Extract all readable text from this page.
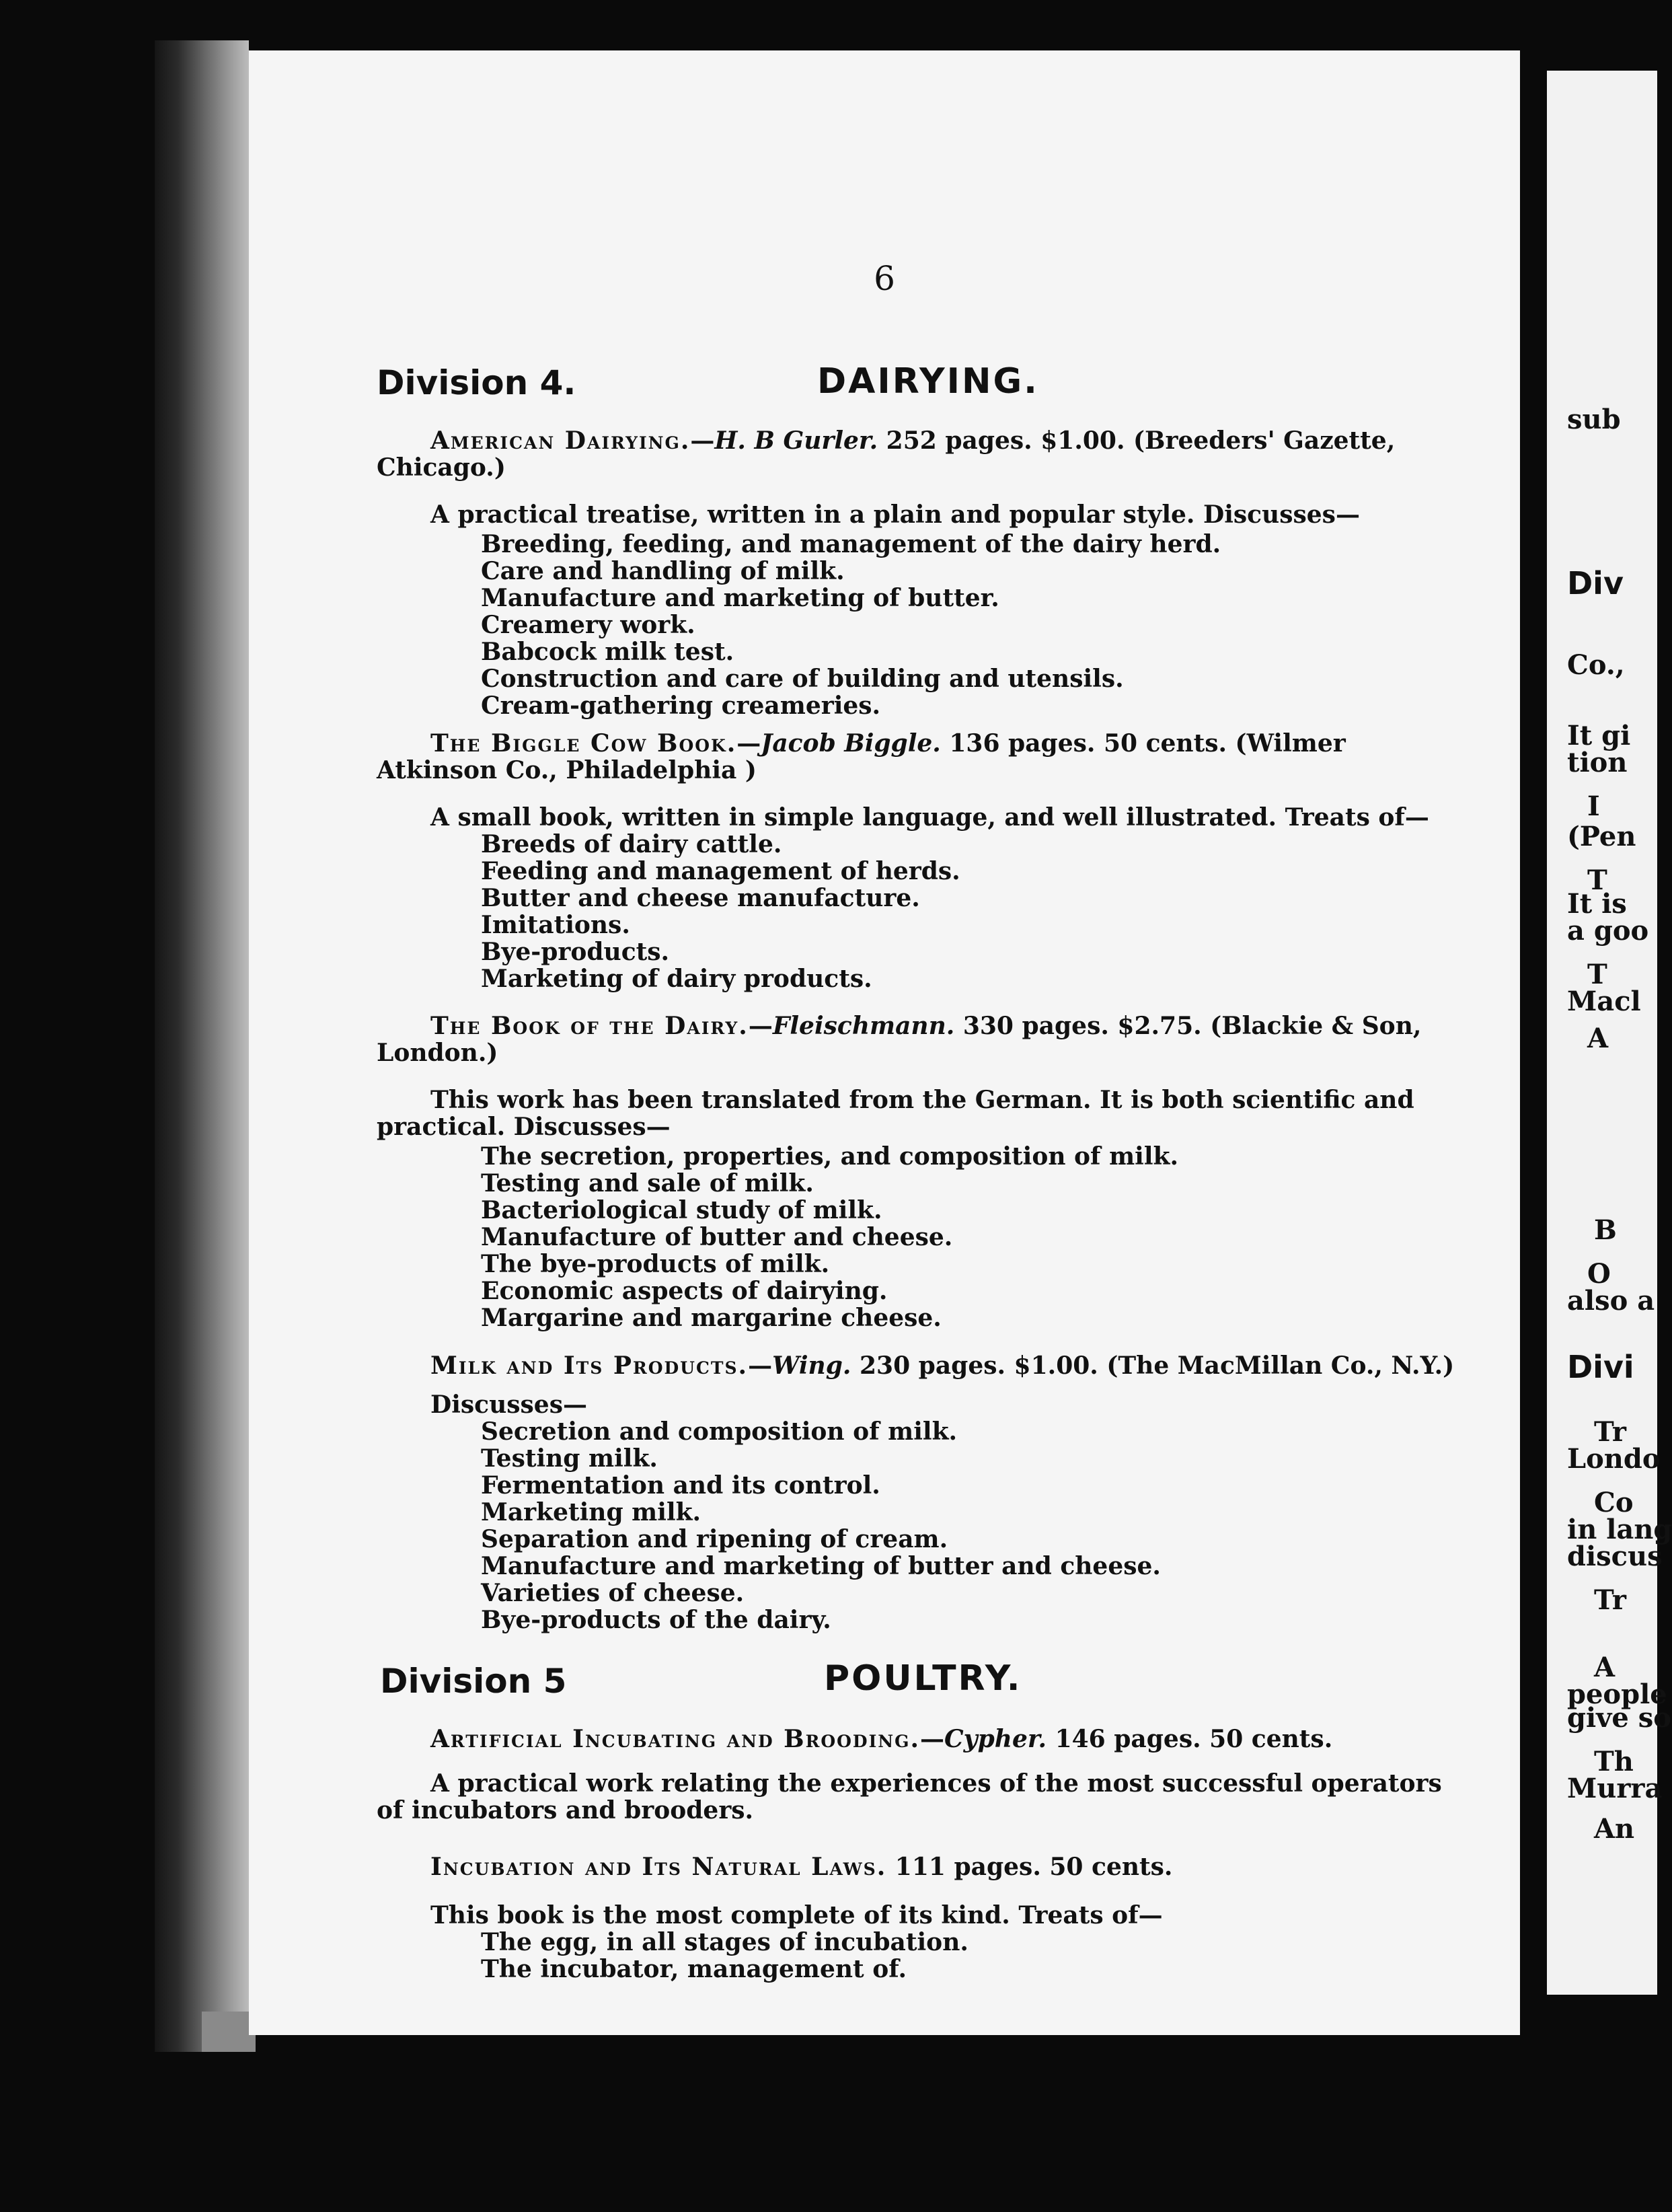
6
Division 4.	DAIRYING.

American Dairying.—H. B Gurler. 252 pages. $1.00. (Breeders' Gazette, Chicago.)

A practical treatise, written in a plain and popular style. Discusses—

Breeding, feeding, and management of the dairy herd.
Care and handling of milk.
Manufacture and marketing of butter.
Creamery work.
Babcock milk test.
Construction and care of building and utensils.
Cream-gathering creameries.

The Biggle Cow Book.—Jacob Biggle. 136 pages. 50 cents. (Wilmer Atkinson Co., Philadelphia )

A small book, written in simple language, and well illustrated. Treats of—

Breeds of dairy cattle.
Feeding and management of herds.
Butter and cheese manufacture.
Imitations.
Bye-products.
Marketing of dairy products.

The Book of the Dairy.—Fleischmann. 330 pages. $2.75. (Blackie & Son, London.)

This work has been translated from the German. It is both scientific and practical. Discusses—

The secretion, properties, and composition of milk.
Testing and sale of milk.
Bacteriological study of milk.
Manufacture of butter and cheese.
The bye-products of milk.
Economic aspects of dairying.
Margarine and margarine cheese.

Milk and Its Products.—Wing. 230 pages. $1.00. (The MacMillan Co., N.Y.)

Discusses—

Secretion and composition of milk.
Testing milk.
Fermentation and its control.
Marketing milk.
Separation and ripening of cream.
Manufacture and marketing of butter and cheese.
Varieties of cheese.
Bye-products of the dairy.
Division 5	POULTRY.

Artificial Incubating and Brooding.—Cypher. 146 pages. 50 cents.

A practical work relating the experiences of the most successful operators of incubators and brooders.

Incubation and Its Natural Laws. 111 pages. 50 cents.

This book is the most complete of its kind. Treats of—

The egg, in all stages of incubation.
The incubator, management of.
sub
Div
Co.,
It gi
tion
I
(Pen
T
It is
a goo
T
Macl
A
B
O
also a
Divi
Tr
Londo
Co
in lang
discus
Tr
A
people
give so
Th
Murra
An
